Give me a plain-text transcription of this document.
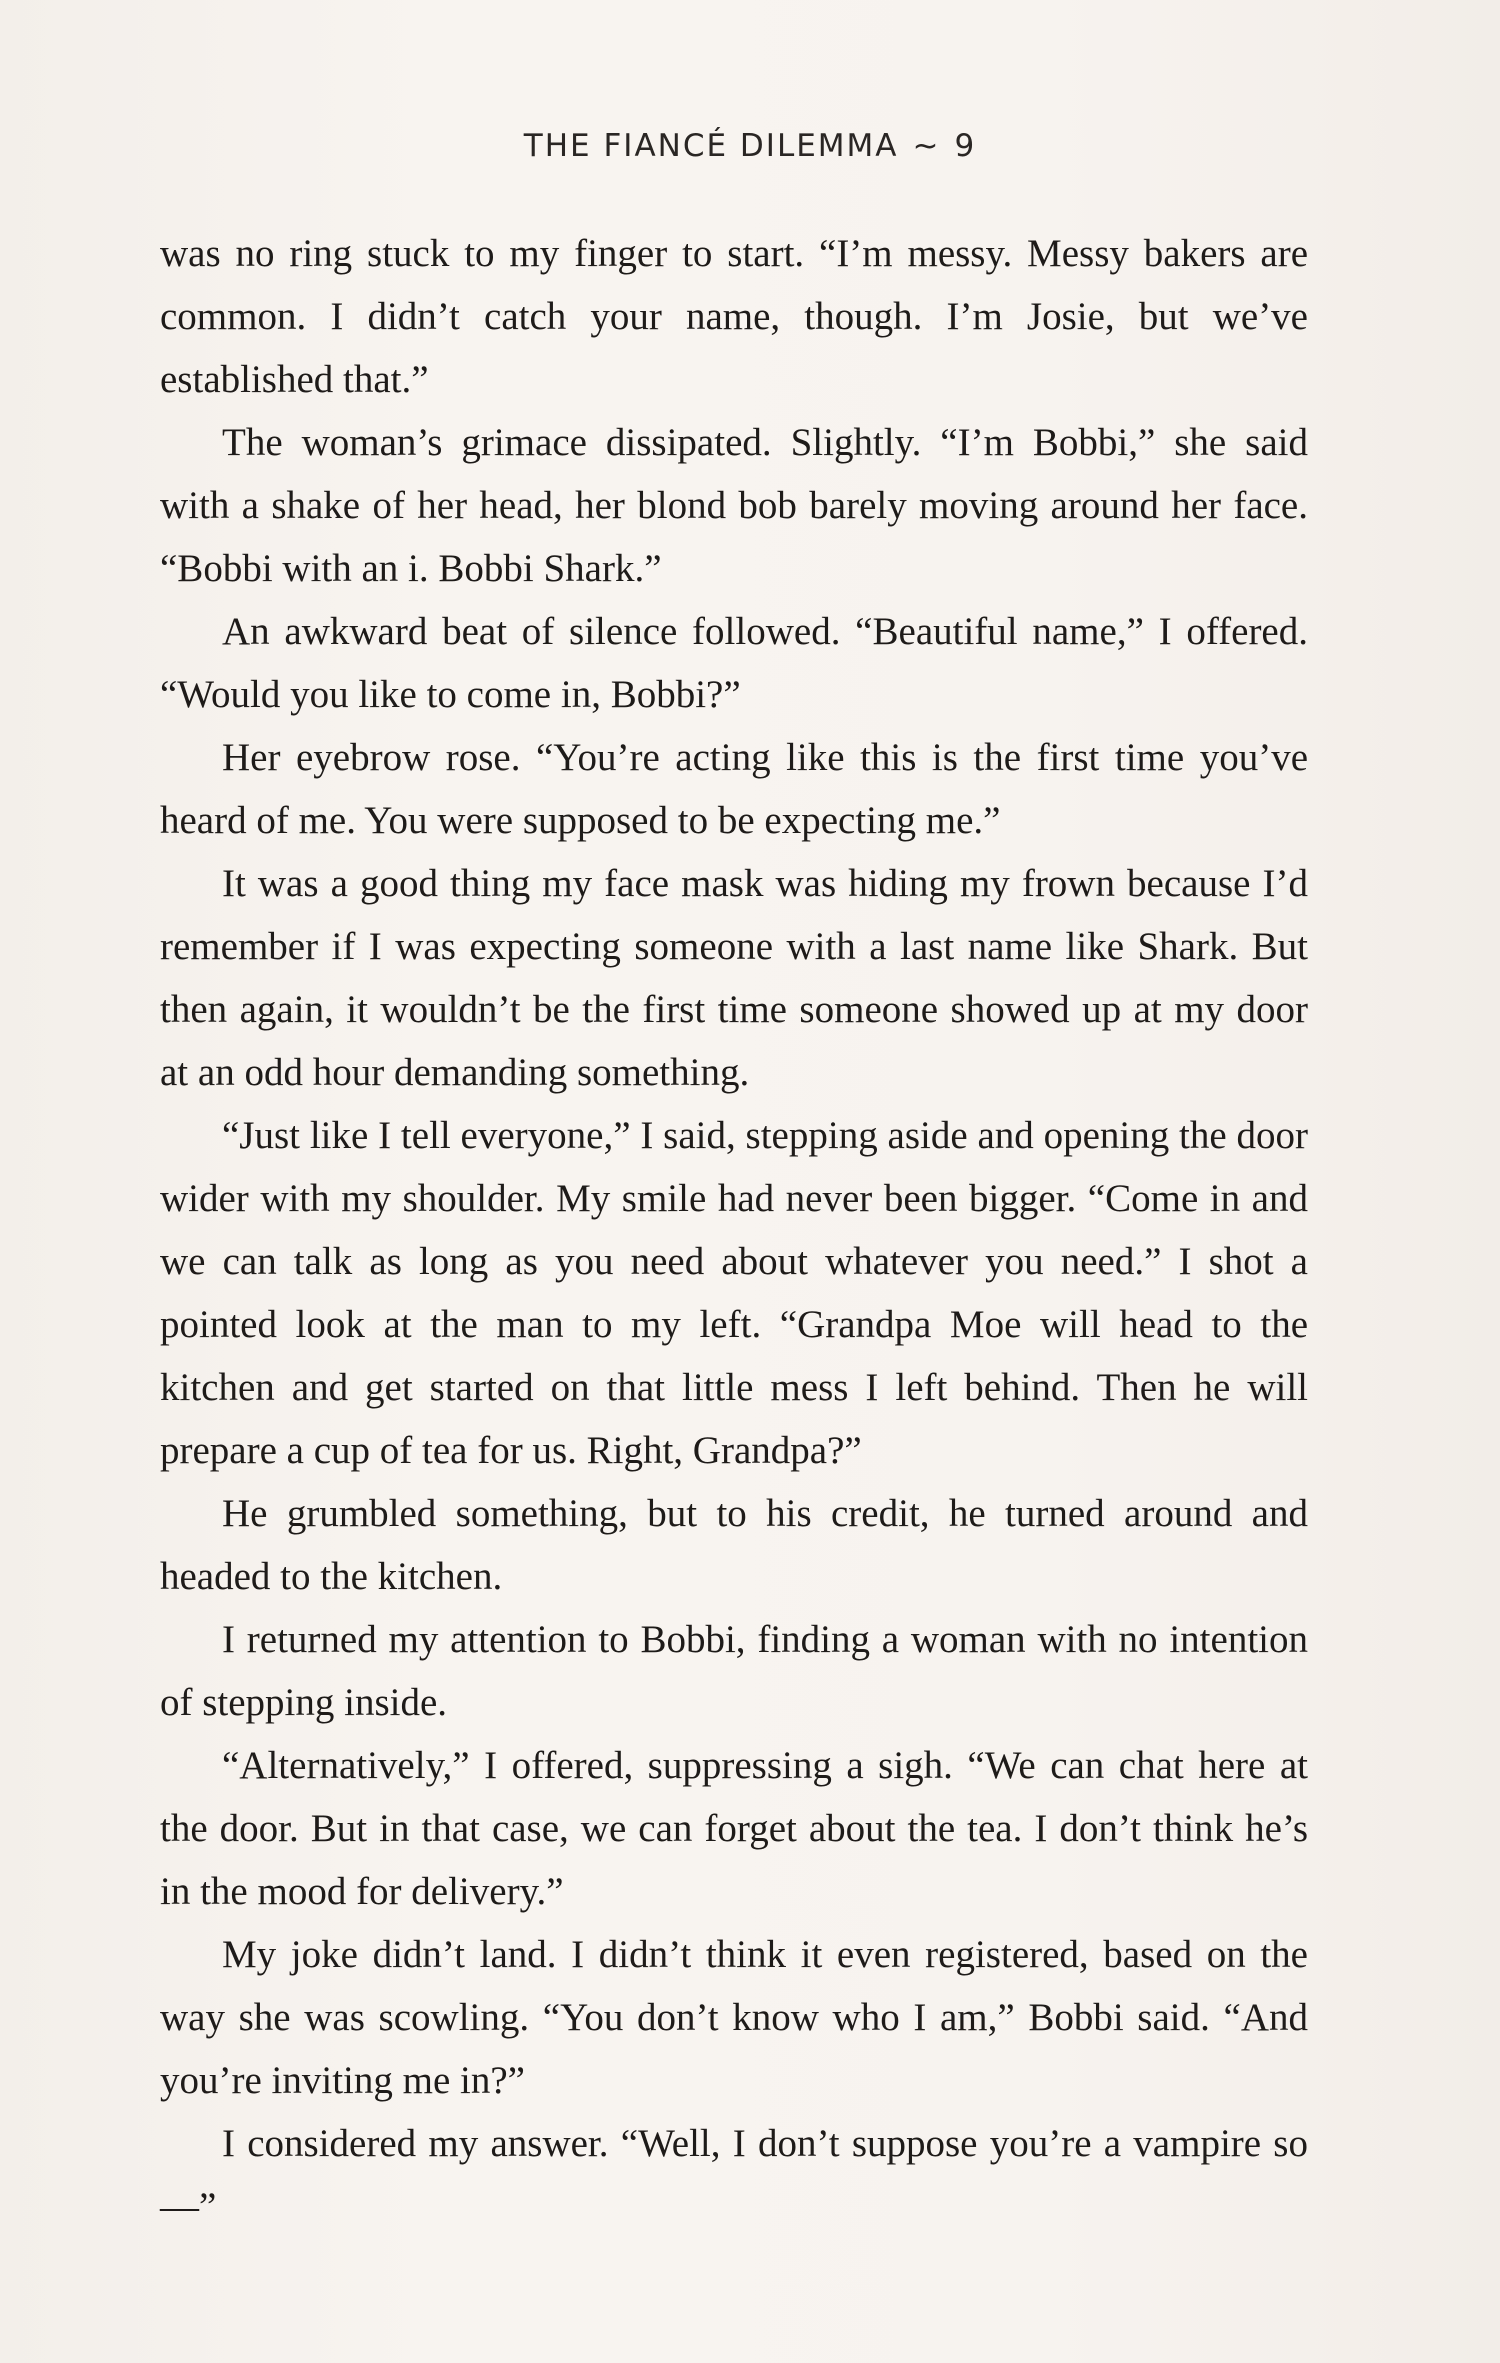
THE FIANCÉ DILEMMA ~ 9

was no ring stuck to my finger to start. “I’m messy. Messy bakers are common. I didn’t catch your name, though. I’m Josie, but we’ve established that.”

The woman’s grimace dissipated. Slightly. “I’m Bobbi,” she said with a shake of her head, her blond bob barely moving around her face. “Bobbi with an i. Bobbi Shark.”

An awkward beat of silence followed. “Beautiful name,” I offered. “Would you like to come in, Bobbi?”

Her eyebrow rose. “You’re acting like this is the first time you’ve heard of me. You were supposed to be expecting me.”

It was a good thing my face mask was hiding my frown because I’d remember if I was expecting someone with a last name like Shark. But then again, it wouldn’t be the first time someone showed up at my door at an odd hour demanding something.

“Just like I tell everyone,” I said, stepping aside and opening the door wider with my shoulder. My smile had never been bigger. “Come in and we can talk as long as you need about whatever you need.” I shot a pointed look at the man to my left. “Grandpa Moe will head to the kitchen and get started on that little mess I left behind. Then he will prepare a cup of tea for us. Right, Grandpa?”

He grumbled something, but to his credit, he turned around and headed to the kitchen.

I returned my attention to Bobbi, finding a woman with no intention of stepping inside.

“Alternatively,” I offered, suppressing a sigh. “We can chat here at the door. But in that case, we can forget about the tea. I don’t think he’s in the mood for delivery.”

My joke didn’t land. I didn’t think it even registered, based on the way she was scowling. “You don’t know who I am,” Bobbi said. “And you’re inviting me in?”

I considered my answer. “Well, I don’t suppose you’re a vampire so—”
